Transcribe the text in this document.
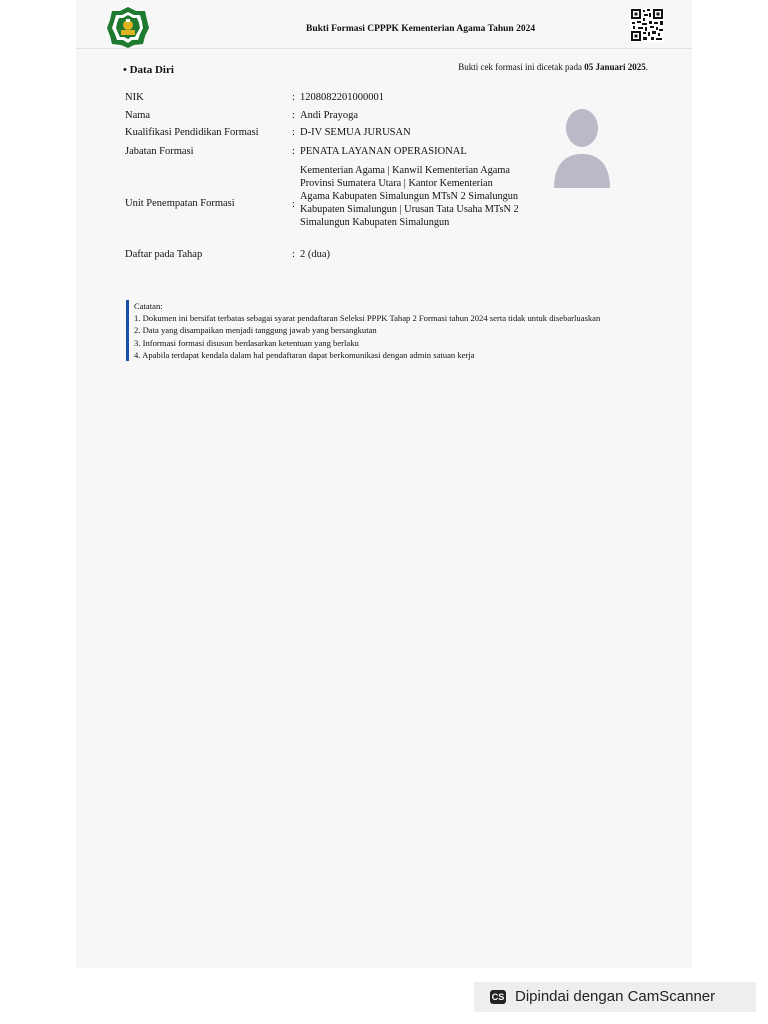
Bukti Formasi CPPPK Kementerian Agama Tahun 2024
• Data Diri	Bukti cek formasi ini dicetak pada 05 Januari 2025.
NIK	: 1208082201000001
Nama	: Andi Prayoga
Kualifikasi Pendidikan Formasi	: D-IV SEMUA JURUSAN
Jabatan Formasi	: PENATA LAYANAN OPERASIONAL
Unit Penempatan Formasi	:
Kementerian Agama | Kanwil Kementerian Agama Provinsi Sumatera Utara | Kantor Kementerian Agama Kabupaten Simalungun MTsN 2 Simalungun Kabupaten Simalungun | Urusan Tata Usaha MTsN 2 Simalungun Kabupaten Simalungun
Daftar pada Tahap	: 2 (dua)
Catatan:
1. Dokumen ini bersifat terbatas sebagai syarat pendaftaran Seleksi PPPK Tahap 2 Formasi tahun 2024 serta tidak untuk disebarluaskan
2. Data yang disampaikan menjadi tanggung jawab yang bersangkutan
3. Informasi formasi disusun berdasarkan ketentuan yang berlaku
4. Apabila terdapat kendala dalam hal pendaftaran dapat berkomunikasi dengan admin satuan kerja
CS Dipindai dengan CamScanner
